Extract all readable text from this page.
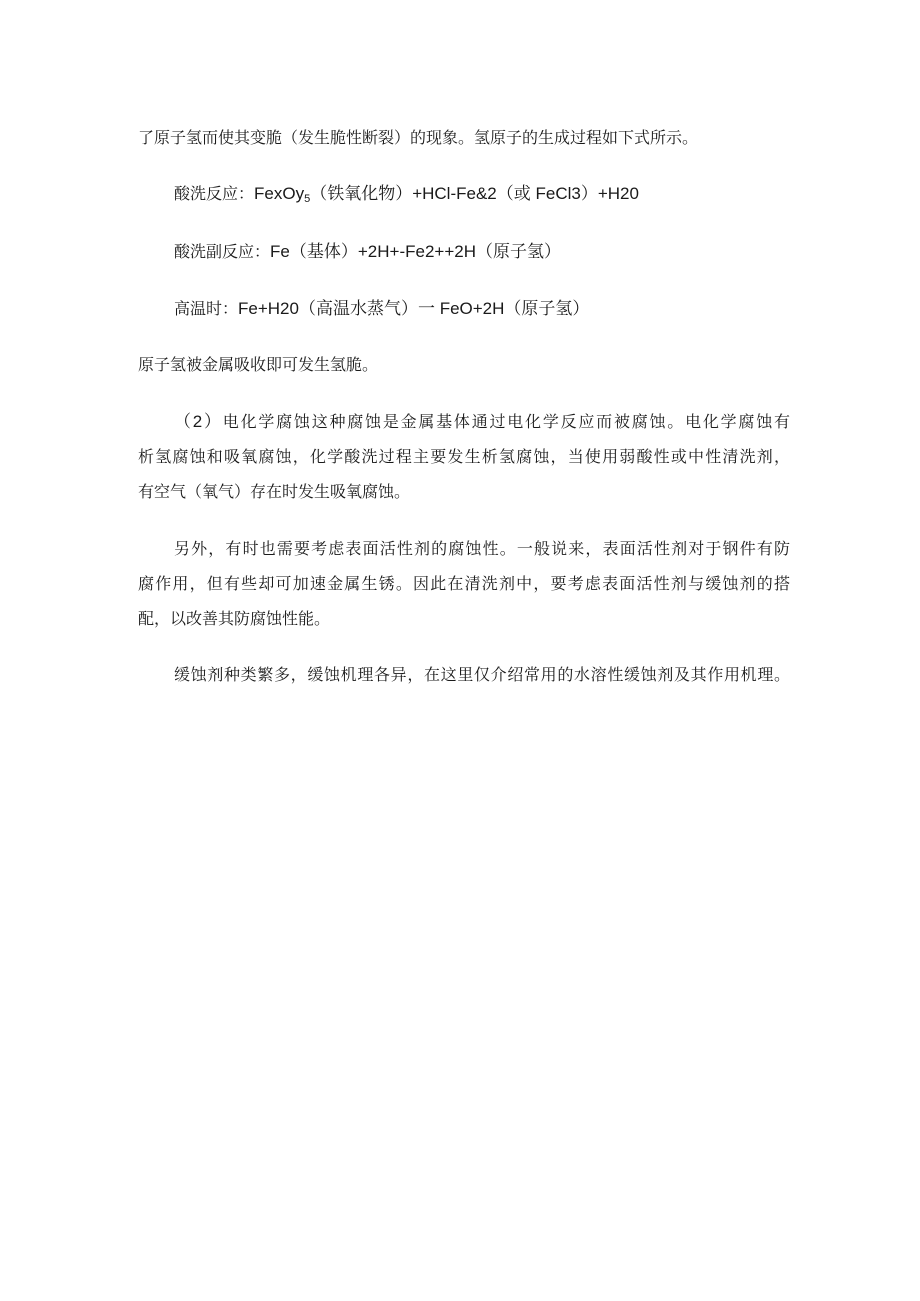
了原子氢而使其变脆（发生脆性断裂）的现象。氢原子的生成过程如下式所示。
酸洗反应：FexOy$_5$（铁氧化物）+HCl-Fe&2（或 FeCl3）+H20
酸洗副反应：Fe（基体）+2H+-Fe2++2H（原子氢）
高温时：Fe+H20（高温水蒸气）一 FeO+2H（原子氢）
原子氢被金属吸收即可发生氢脆。
（2）电化学腐蚀这种腐蚀是金属基体通过电化学反应而被腐蚀。电化学腐蚀有
析氢腐蚀和吸氧腐蚀，化学酸洗过程主要发生析氢腐蚀，当使用弱酸性或中性清洗剂，
有空气（氧气）存在时发生吸氧腐蚀。
另外，有时也需要考虑表面活性剂的腐蚀性。一般说来，表面活性剂对于钢件有防
腐作用，但有些却可加速金属生锈。因此在清洗剂中，要考虑表面活性剂与缓蚀剂的搭
配，以改善其防腐蚀性能。
缓蚀剂种类繁多，缓蚀机理各异，在这里仅介绍常用的水溶性缓蚀剂及其作用机理。
